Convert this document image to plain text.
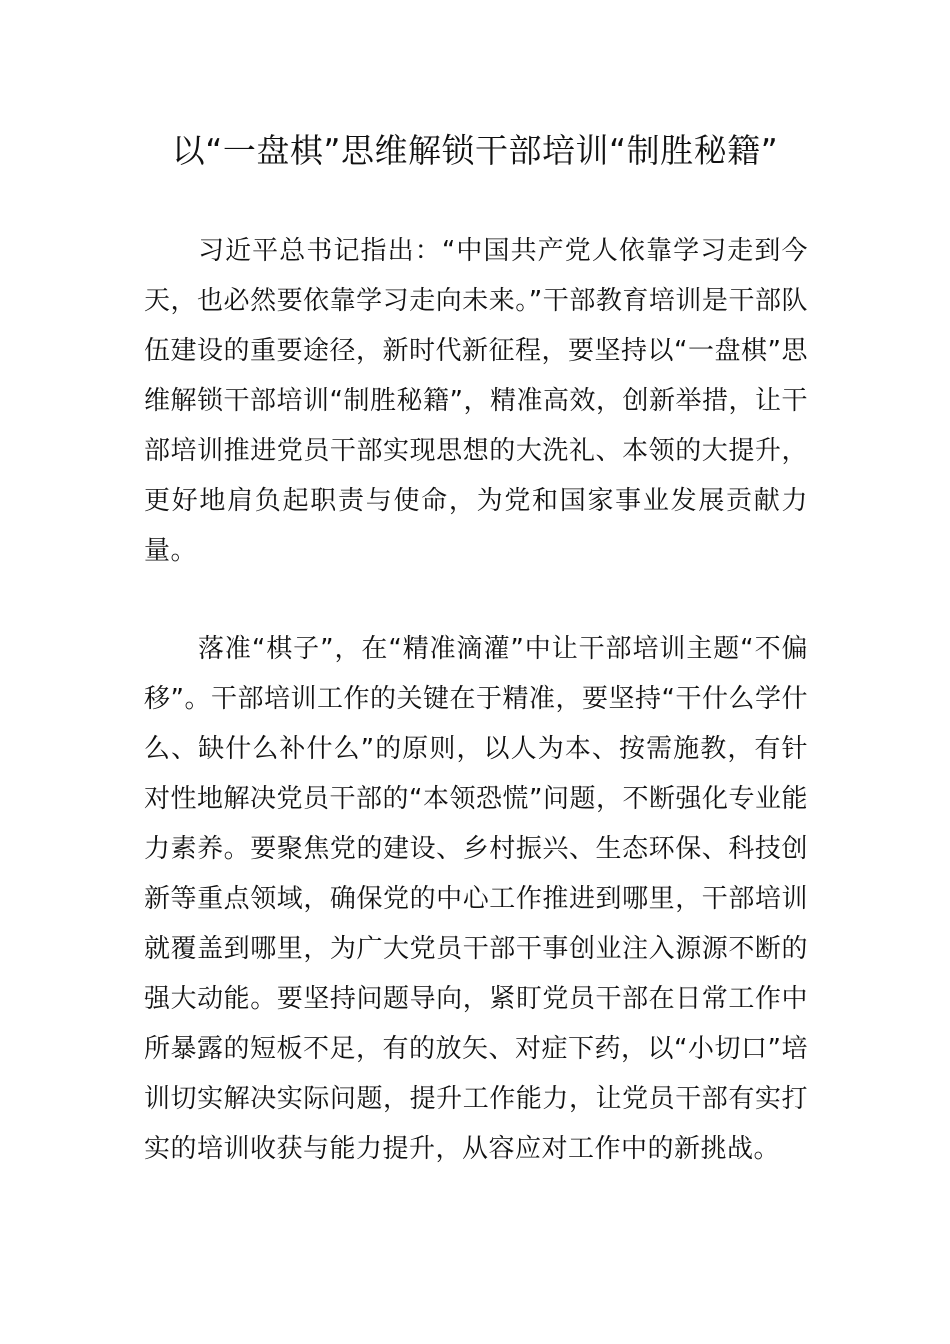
以“一盘棋”思维解锁干部培训“制胜秘籍”

习近平总书记指出：“中国共产党人依靠学习走到今天，也必然要依靠学习走向未来。”干部教育培训是干部队伍建设的重要途径，新时代新征程，要坚持以“一盘棋”思维解锁干部培训“制胜秘籍”，精准高效，创新举措，让干部培训推进党员干部实现思想的大洗礼、本领的大提升，更好地肩负起职责与使命，为党和国家事业发展贡献力量。

落准“棋子”，在“精准滴灌”中让干部培训主题“不偏移”。干部培训工作的关键在于精准，要坚持“干什么学什么、缺什么补什么”的原则，以人为本、按需施教，有针对性地解决党员干部的“本领恐慌”问题，不断强化专业能力素养。要聚焦党的建设、乡村振兴、生态环保、科技创新等重点领域，确保党的中心工作推进到哪里，干部培训就覆盖到哪里，为广大党员干部干事创业注入源源不断的强大动能。要坚持问题导向，紧盯党员干部在日常工作中所暴露的短板不足，有的放矢、对症下药，以“小切口”培训切实解决实际问题，提升工作能力，让党员干部有实打实的培训收获与能力提升，从容应对工作中的新挑战。
